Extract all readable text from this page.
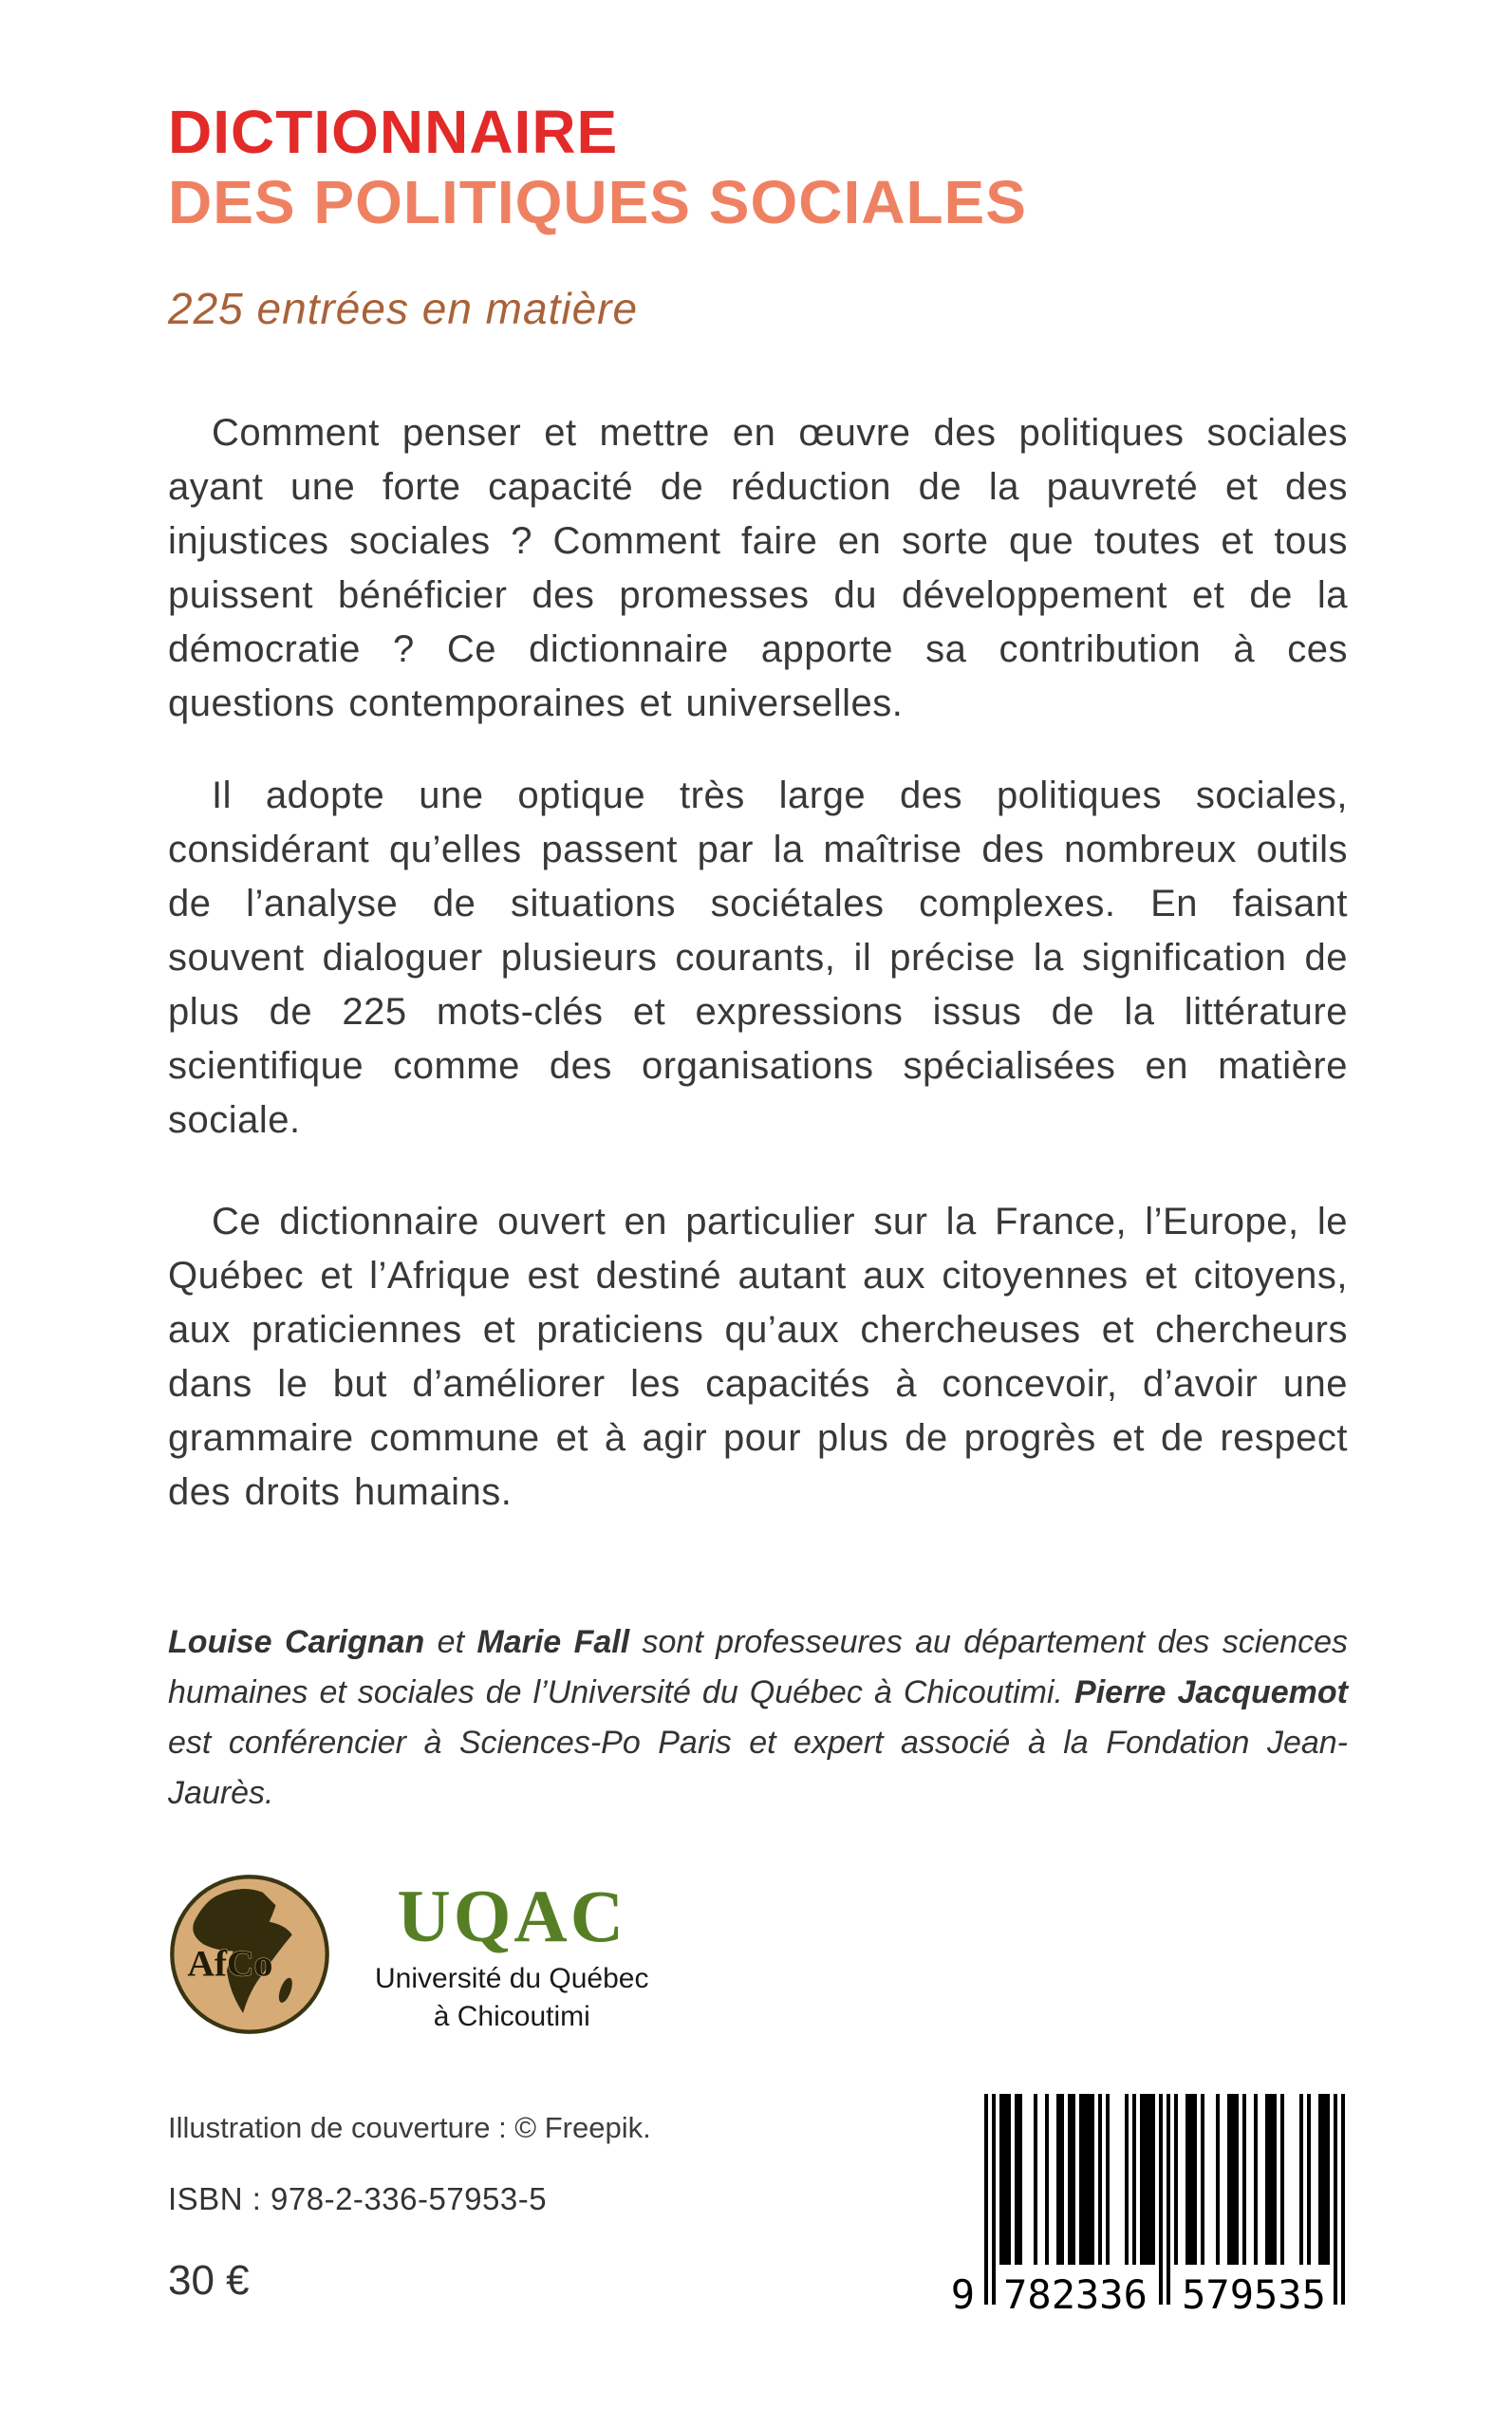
DICTIONNAIRE
DES POLITIQUES SOCIALES
225 entrées en matière

Comment penser et mettre en œuvre des politiques sociales ayant une forte capacité de réduction de la pauvreté et des injustices sociales ? Comment faire en sorte que toutes et tous puissent bénéficier des promesses du développement et de la démocratie ? Ce dictionnaire apporte sa contribution à ces questions contemporaines et universelles.

Il adopte une optique très large des politiques sociales, considérant qu’elles passent par la maîtrise des nombreux outils de l’analyse de situations sociétales complexes. En faisant souvent dialoguer plusieurs courants, il précise la signification de plus de 225 mots-clés et expressions issus de la littérature scientifique comme des organisations spécialisées en matière sociale.

Ce dictionnaire ouvert en particulier sur la France, l’Europe, le Québec et l’Afrique est destiné autant aux citoyennes et citoyens, aux praticiennes et praticiens qu’aux chercheuses et chercheurs dans le but d’améliorer les capacités à concevoir, d’avoir une grammaire commune et à agir pour plus de progrès et de respect des droits humains.

Louise Carignan et Marie Fall sont professeures au département des sciences humaines et sociales de l’Université du Québec à Chicoutimi. Pierre Jacquemot est conférencier à Sciences-Po Paris et expert associé à la Fondation Jean-Jaurès.

AfCo
UQAC
Université du Québec
à Chicoutimi
Illustration de couverture : © Freepik.
ISBN : 978-2-336-57953-5
30 €	9 782336 579535
